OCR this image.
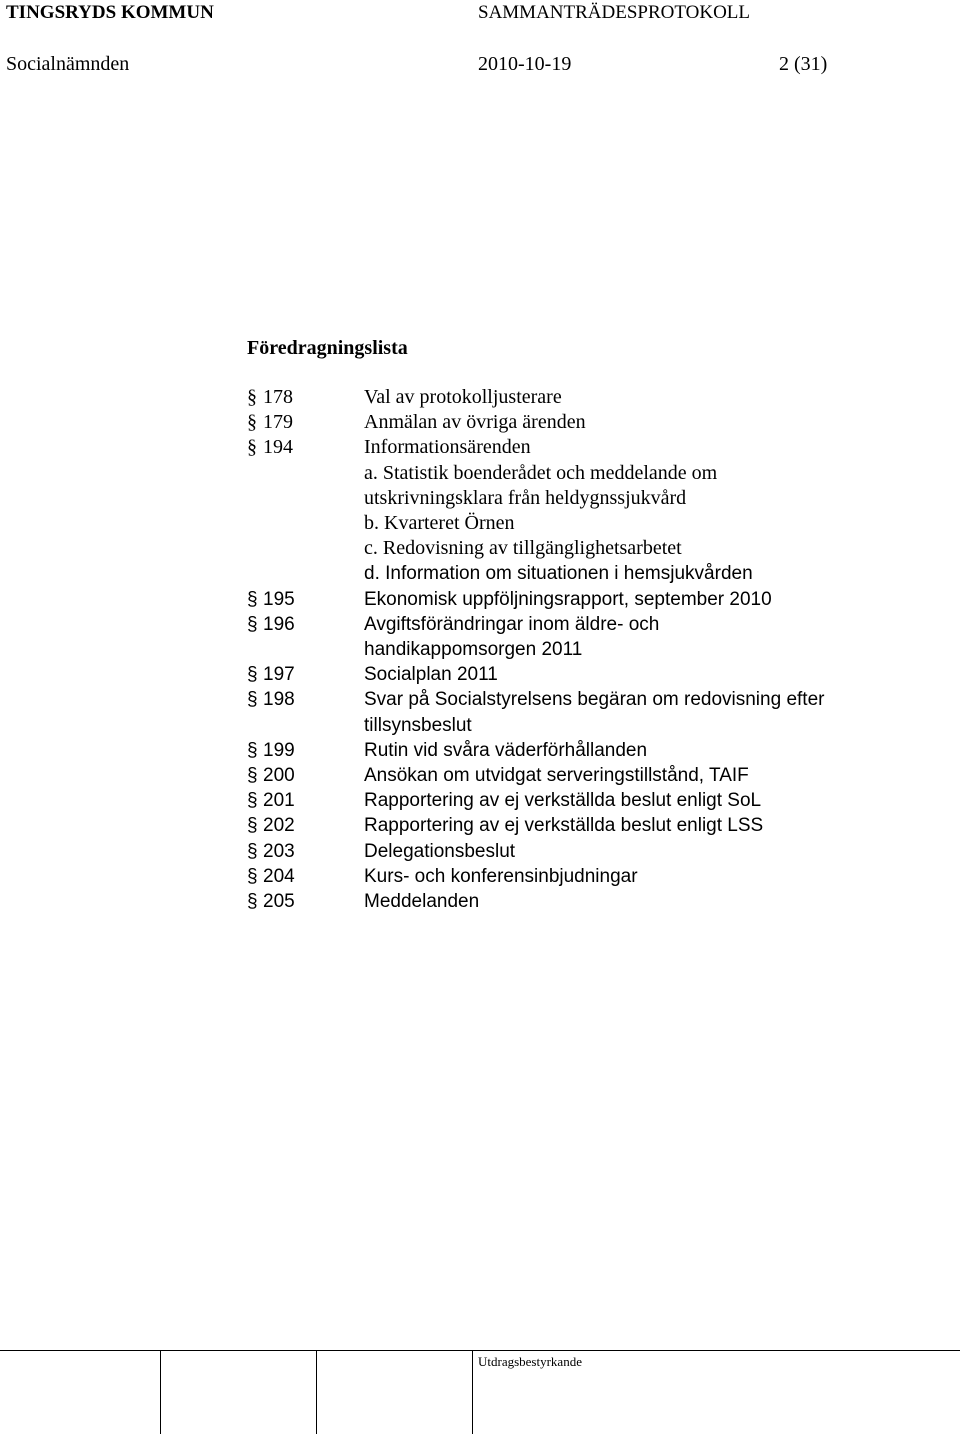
TINGSRYDS KOMMUN	SAMMANTRÄDESPROTOKOLL
Socialnämnden	2010-10-19	2 (31)
Föredragningslista
§ 178	Val av protokolljusterare
§ 179	Anmälan av övriga ärenden
§ 194	Informationsärenden
a. Statistik boenderådet och meddelande om
utskrivningsklara från heldygnssjukvård
b. Kvarteret Örnen
c. Redovisning av tillgänglighetsarbetet
d. Information om situationen i hemsjukvården
§ 195	Ekonomisk uppföljningsrapport, september 2010
§ 196	Avgiftsförändringar inom äldre- och
handikappomsorgen 2011
§ 197	Socialplan 2011
§ 198	Svar på Socialstyrelsens begäran om redovisning efter
tillsynsbeslut
§ 199	Rutin vid svåra väderförhållanden
§ 200	Ansökan om utvidgat serveringstillstånd, TAIF
§ 201	Rapportering av ej verkställda beslut enligt SoL
§ 202	Rapportering av ej verkställda beslut enligt LSS
§ 203	Delegationsbeslut
§ 204	Kurs- och konferensinbjudningar
§ 205	Meddelanden
Utdragsbestyrkande
